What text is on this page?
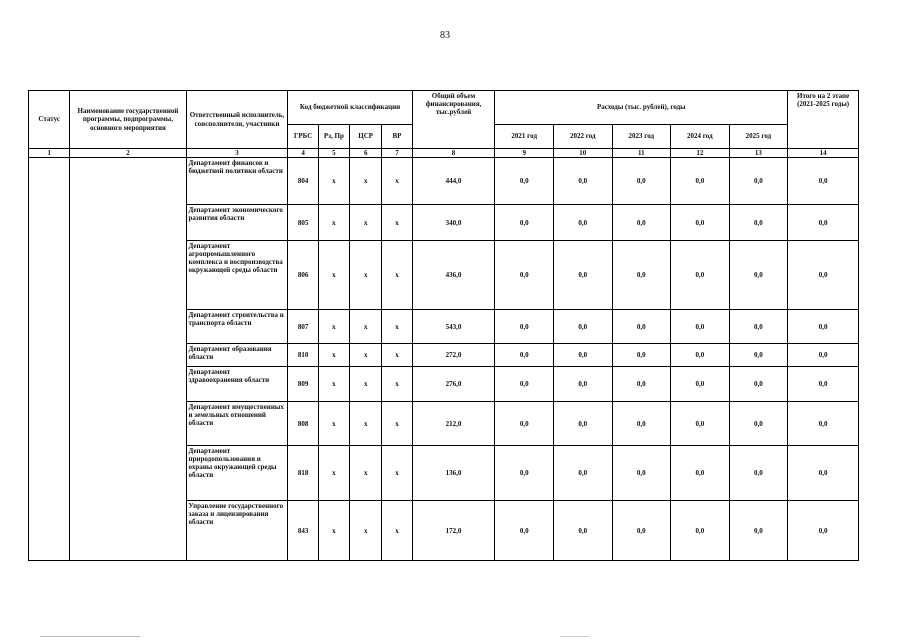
83
Статус	Наименование государственной программы, подпрограммы, основного мероприятия	Ответственный исполнитель, соисполнители, участники	Код бюджетной классификации				Общий объем финансирования, тыс.рублей	Расходы (тыс. рублей), годы					Итого на 2 этапе (2021-2025 годы)
			ГРБС	Рз, Пр	ЦСР	ВР		2021 год	2022 год	2023 год	2024 год	2025 год	
1	2	3	4	5	6	7	8	9	10	11	12	13	14
		Департамент финансов и бюджетной политики области	804	x	x	x	444,0	0,0	0,0	0,0	0,0	0,0	0,0
		Департамент экономического развития области	805	x	x	x	340,0	0,0	0,0	0,0	0,0	0,0	0,0
		Департамент агропромышленного комплекса и воспроизводства окружающей среды области	806	x	x	x	436,0	0,0	0,0	0,0	0,0	0,0	0,0
		Департамент строительства и транспорта области	807	x	x	x	543,0	0,0	0,0	0,0	0,0	0,0	0,0
		Департамент образования области	810	x	x	x	272,0	0,0	0,0	0,0	0,0	0,0	0,0
		Департамент здравоохранения области	809	x	x	x	276,0	0,0	0,0	0,0	0,0	0,0	0,0
		Департамент имущественных и земельных отношений области	808	x	x	x	212,0	0,0	0,0	0,0	0,0	0,0	0,0
		Департамент природопользования и охраны окружающей среды области	818	x	x	x	136,0	0,0	0,0	0,0	0,0	0,0	0,0
		Управление государственного заказа и лицензирования области	843	x	x	x	172,0	0,0	0,0	0,0	0,0	0,0	0,0
